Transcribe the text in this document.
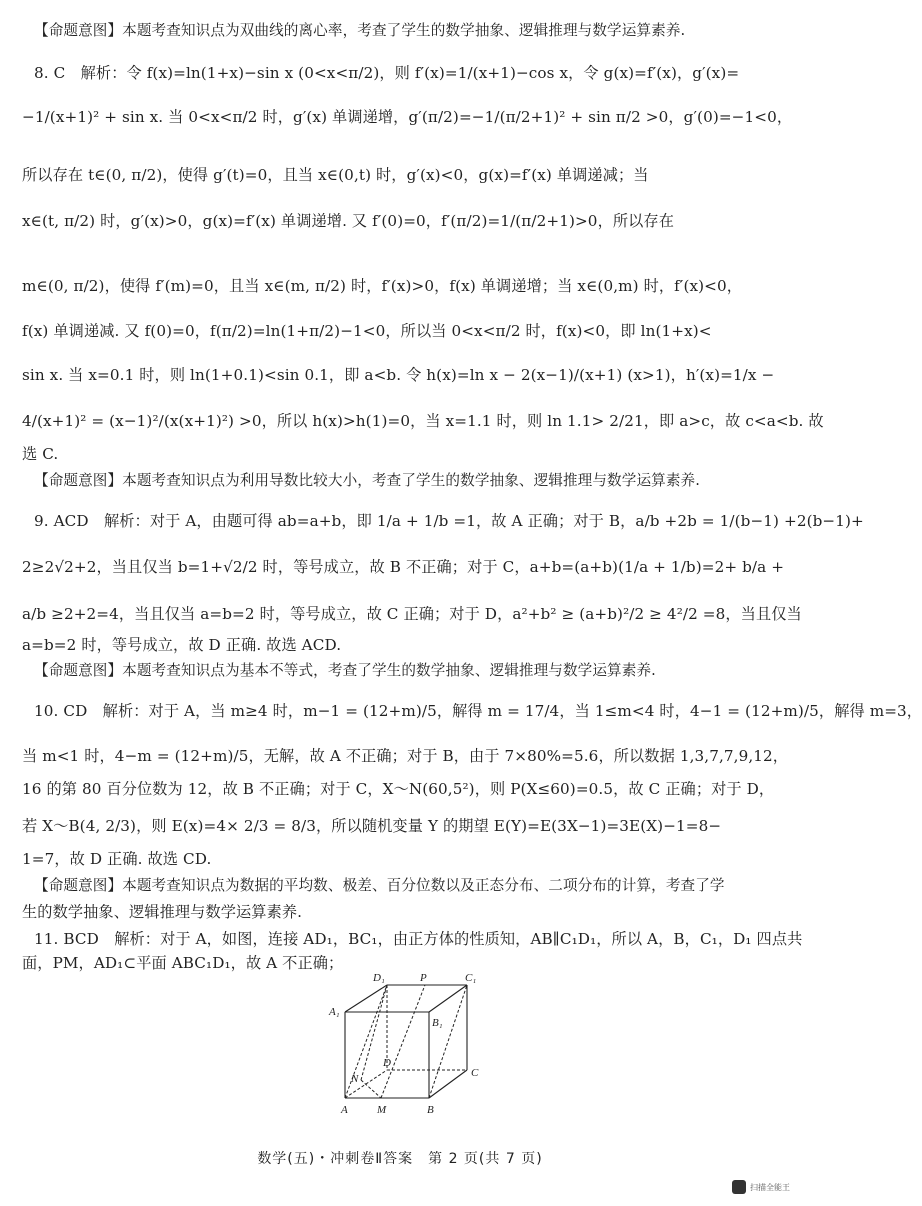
【命题意图】本题考查知识点为双曲线的离心率，考查了学生的数学抽象、逻辑推理与数学运算素养.
8. C　解析：令 f(x)=ln(1+x)−sin x (0<x<π/2)，则 f′(x)=1/(x+1)−cos x，令 g(x)=f′(x)，g′(x)=
−1/(x+1)² + sin x. 当 0<x<π/2 时，g′(x) 单调递增，g′(π/2)=−1/(π/2+1)² + sin π/2 >0，g′(0)=−1<0，
所以存在 t∈(0, π/2)，使得 g′(t)=0，且当 x∈(0,t) 时，g′(x)<0，g(x)=f′(x) 单调递减；当
x∈(t, π/2) 时，g′(x)>0，g(x)=f′(x) 单调递增. 又 f′(0)=0，f′(π/2)=1/(π/2+1)>0，所以存在
m∈(0, π/2)，使得 f′(m)=0，且当 x∈(m, π/2) 时，f′(x)>0，f(x) 单调递增；当 x∈(0,m) 时，f′(x)<0，
f(x) 单调递减. 又 f(0)=0，f(π/2)=ln(1+π/2)−1<0，所以当 0<x<π/2 时，f(x)<0，即 ln(1+x)<
sin x. 当 x=0.1 时，则 ln(1+0.1)<sin 0.1，即 a<b. 令 h(x)=ln x − 2(x−1)/(x+1) (x>1)，h′(x)=1/x −
4/(x+1)² = (x−1)²/(x(x+1)²) >0，所以 h(x)>h(1)=0，当 x=1.1 时，则 ln 1.1> 2/21，即 a>c，故 c<a<b. 故
选 C.
【命题意图】本题考查知识点为利用导数比较大小，考查了学生的数学抽象、逻辑推理与数学运算素养.
9. ACD　解析：对于 A，由题可得 ab=a+b，即 1/a + 1/b =1，故 A 正确；对于 B，a/b +2b = 1/(b−1) +2(b−1)+
2≥2√2+2，当且仅当 b=1+√2/2 时，等号成立，故 B 不正确；对于 C，a+b=(a+b)(1/a + 1/b)=2+ b/a +
a/b ≥2+2=4，当且仅当 a=b=2 时，等号成立，故 C 正确；对于 D，a²+b² ≥ (a+b)²/2 ≥ 4²/2 =8，当且仅当
a=b=2 时，等号成立，故 D 正确. 故选 ACD.
【命题意图】本题考查知识点为基本不等式，考查了学生的数学抽象、逻辑推理与数学运算素养.
10. CD　解析：对于 A，当 m≥4 时，m−1 = (12+m)/5，解得 m = 17/4，当 1≤m<4 时，4−1 = (12+m)/5，解得 m=3，
当 m<1 时，4−m = (12+m)/5，无解，故 A 不正确；对于 B，由于 7×80%=5.6，所以数据 1,3,7,7,9,12，
16 的第 80 百分位数为 12，故 B 不正确；对于 C，X～N(60,5²)，则 P(X≤60)=0.5，故 C 正确；对于 D，
若 X～B(4, 2/3)，则 E(x)=4× 2/3 = 8/3，所以随机变量 Y 的期望 E(Y)=E(3X−1)=3E(X)−1=8−
1=7，故 D 正确. 故选 CD.
【命题意图】本题考查知识点为数据的平均数、极差、百分位数以及正态分布、二项分布的计算，考查了学
生的数学抽象、逻辑推理与数学运算素养.
11. BCD　解析：对于 A，如图，连接 AD₁，BC₁，由正方体的性质知，AB∥C₁D₁，所以 A，B，C₁，D₁ 四点共
面，PM，AD₁⊂平面 ABC₁D₁，故 A 不正确；
D₁	P	C₁
A₁
B₁
D
C
N
A	M	B
数学(五)・冲刺卷Ⅱ答案　第 2 页(共 7 页)
扫描全能王
